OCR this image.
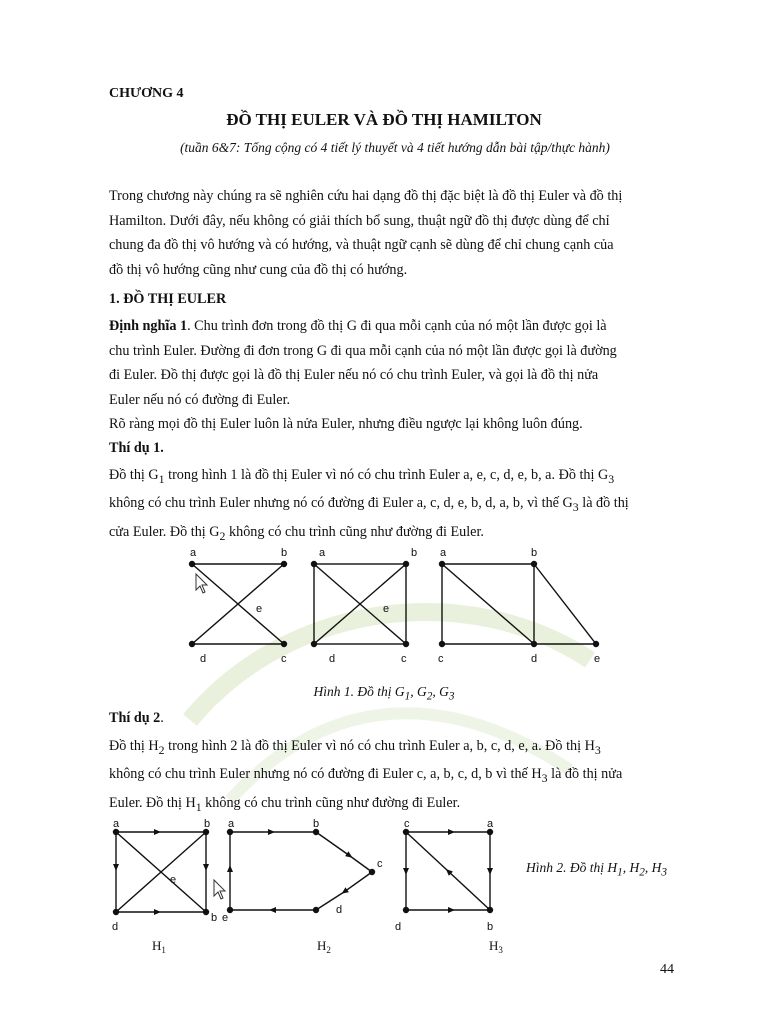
CHƯƠNG 4
ĐỒ THỊ EULER VÀ ĐỒ THỊ HAMILTON
(tuần 6&7: Tổng cộng có 4 tiết lý thuyết và 4 tiết hướng dẫn bài tập/thực hành)
Trong chương này chúng ra sẽ nghiên cứu hai dạng đồ thị đặc biệt là đồ thị Euler và đồ thị
Hamilton. Dưới đây, nếu không có giải thích bổ sung, thuật ngữ đồ thị được dùng để chỉ
chung đa đồ thị vô hướng và có hướng, và thuật ngữ cạnh sẽ dùng để chỉ chung cạnh của
đồ thị vô hướng cũng như cung của đồ thị có hướng.
1. ĐỒ THỊ EULER
Định nghĩa 1. Chu trình đơn trong đồ thị G đi qua mỗi cạnh của nó một lần được gọi là
chu trình Euler. Đường đi đơn trong G đi qua mỗi cạnh của nó một lần được gọi là đường
đi Euler. Đồ thị được gọi là đồ thị Euler nếu nó có chu trình Euler, và gọi là đồ thị nửa
Euler nếu nó có đường đi Euler.
Rõ ràng mọi đồ thị Euler luôn là nửa Euler, nhưng điều ngược lại không luôn đúng.
Thí dụ 1.
Đồ thị $G_1$ trong hình 1 là đồ thị Euler vì nó có chu trình Euler a, e, c, d, e, b, a. Đồ thị $G_3$
không có chu trình Euler nhưng nó có đường đi Euler a, c, d, e, b, d, a, b, vì thế $G_3$ là đồ thị
cửa Euler. Đồ thị $G_2$ không có chu trình cũng như đường đi Euler.
a	b
e
d	c
a	b
e
d	c
a	b
c	d	e
Hình 1. Đồ thị $G_1$, $G_2$, $G_3$
Thí dụ 2.
Đồ thị $H_2$ trong hình 2 là đồ thị Euler vì nó có chu trình Euler a, b, c, d, e, a. Đồ thị $H_3$
không có chu trình Euler nhưng nó có đường đi Euler c, a, b, c, d, b vì thế $H_3$ là đồ thị nửa
Euler. Đồ thị $H_1$ không có chu trình cũng như đường đi Euler.
a	b
e
d
b
$H_1$
a	b
c
d
e
$H_2$
c	a
d	b
$H_3$
Hình 2. Đồ thị $H_1$, $H_2$, $H_3$
44
